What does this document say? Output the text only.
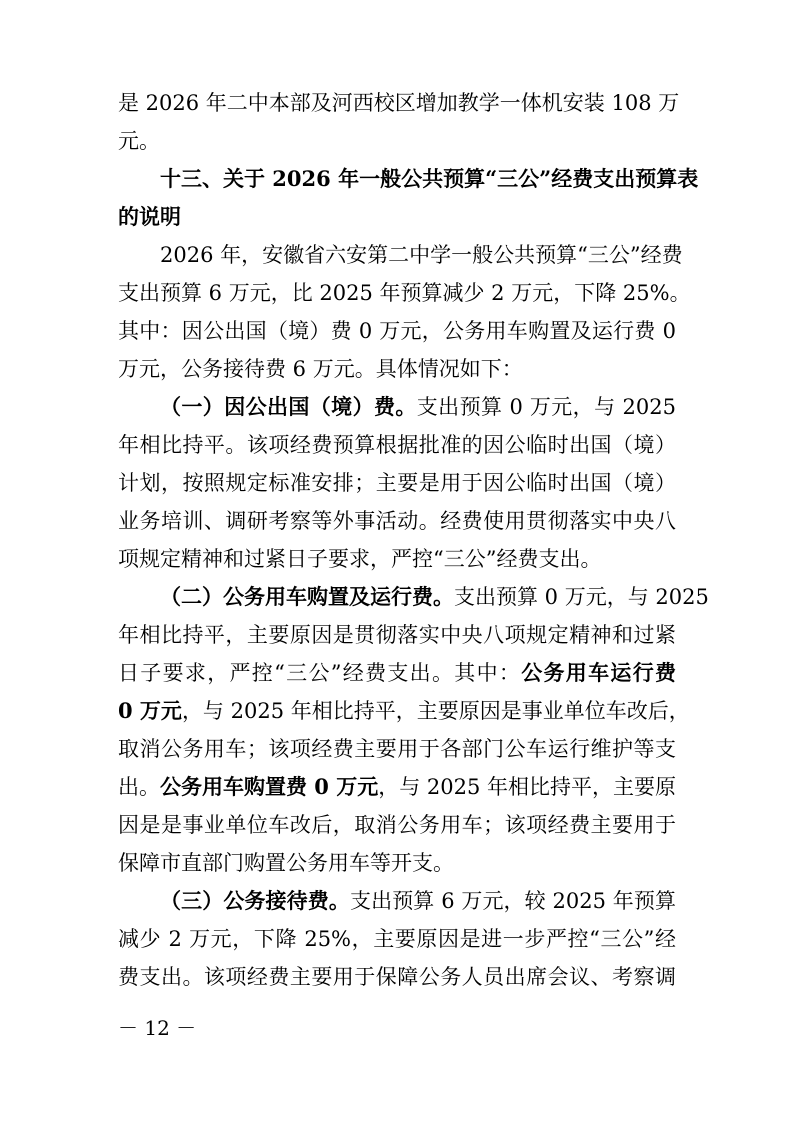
是 2026 年二中本部及河西校区增加教学一体机安装 108 万
元。
十三、关于 2026 年一般公共预算“三公”经费支出预算表
的说明
2026 年，安徽省六安第二中学一般公共预算“三公”经费
支出预算 6 万元，比 2025 年预算减少 2 万元，下降 25%。
其中：因公出国（境）费 0 万元，公务用车购置及运行费 0
万元，公务接待费 6 万元。具体情况如下：
（一）因公出国（境）费。支出预算 0 万元，与 2025
年相比持平。该项经费预算根据批准的因公临时出国（境）
计划，按照规定标准安排；主要是用于因公临时出国（境）
业务培训、调研考察等外事活动。经费使用贯彻落实中央八
项规定精神和过紧日子要求，严控“三公”经费支出。
（二）公务用车购置及运行费。支出预算 0 万元，与 2025
年相比持平，主要原因是贯彻落实中央八项规定精神和过紧
日子要求，严控“三公”经费支出。其中：公务用车运行费
0 万元，与 2025 年相比持平，主要原因是事业单位车改后，
取消公务用车；该项经费主要用于各部门公车运行维护等支
出。公务用车购置费 0 万元，与 2025 年相比持平，主要原
因是是事业单位车改后，取消公务用车；该项经费主要用于
保障市直部门购置公务用车等开支。
（三）公务接待费。支出预算 6 万元，较 2025 年预算
减少 2 万元，下降 25%，主要原因是进一步严控“三公”经
费支出。该项经费主要用于保障公务人员出席会议、考察调
－ 12 －
